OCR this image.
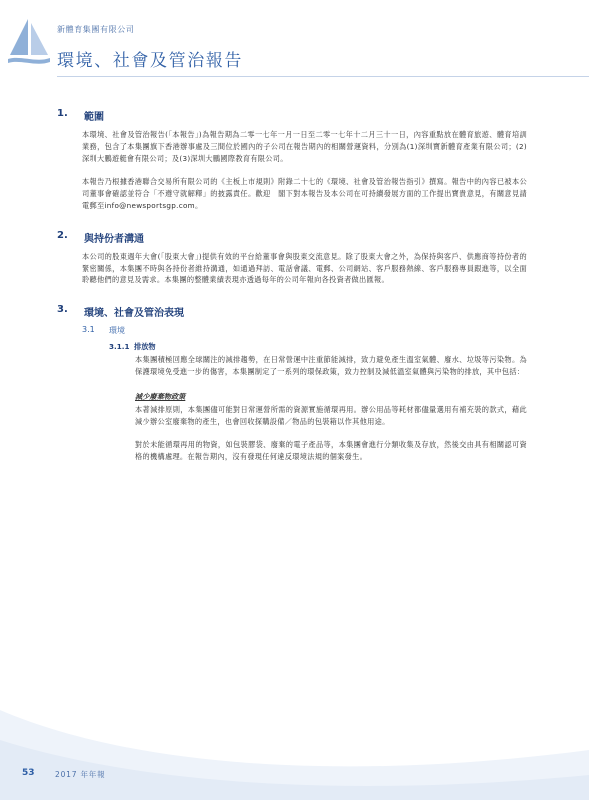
新體育集團有限公司
環境、社會及管治報告
1.	範圍

本環境、社會及管治報告(「本報告」)為報告期為二零一七年一月一日至二零一七年十二月三十一日，內容重點放在體育旅遊、體育培訓業務，包含了本集團旗下香港辦事處及三間位於國內的子公司在報告期內的相關營運資料，分別為(1)深圳寶新體育產業有限公司；(2)深圳大鵬遊艇會有限公司；及(3)深圳大鵬國際教育有限公司。

本報告乃根據香港聯合交易所有限公司的《主板上市規則》附錄二十七的《環境、社會及管治報告指引》撰寫。報告中的內容已被本公司董事會確認並符合「不遵守就解釋」的披露責任。歡迎　閣下對本報告及本公司在可持續發展方面的工作提出寶貴意見，有關意見請電郵至info@newsportsgp.com。

2.	與持份者溝通

本公司的股東週年大會(「股東大會」)提供有效的平台給董事會與股東交流意見。除了股東大會之外，為保持與客戶、供應商等持份者的緊密關係，本集團不時與各持份者維持溝通，如通過拜訪、電話會議、電郵、公司網站、客戶服務熱線、客戶服務專員跟進等，以全面聆聽他們的意見及需求。本集團的整體業績表現亦透過每年的公司年報向各投資者做出匯報。

3.	環境、社會及管治表現
3.1	環境
3.1.1 排放物

本集團積極回應全球關注的減排趨勢，在日常營運中注重節能減排，致力避免產生溫室氣體、廢水、垃圾等污染物。為保護環境免受進一步的傷害，本集團制定了一系列的環保政策，致力控制及減低溫室氣體與污染物的排放，其中包括：

減少廢棄物政策

本著減排原則，本集團儘可能對日常運營所需的資源實施循環再用。辦公用品等耗材都儘量選用有補充裝的款式，藉此減少辦公室廢棄物的產生，也會回收探購設備／物品的包裝箱以作其他用途。

對於未能循環再用的物資，如包裝膠袋、廢棄的電子產品等，本集團會進行分類收集及存放，然後交由具有相關認可資格的機構處理。在報告期內，沒有發現任何違反環境法規的個案發生。

53	2017 年年報
